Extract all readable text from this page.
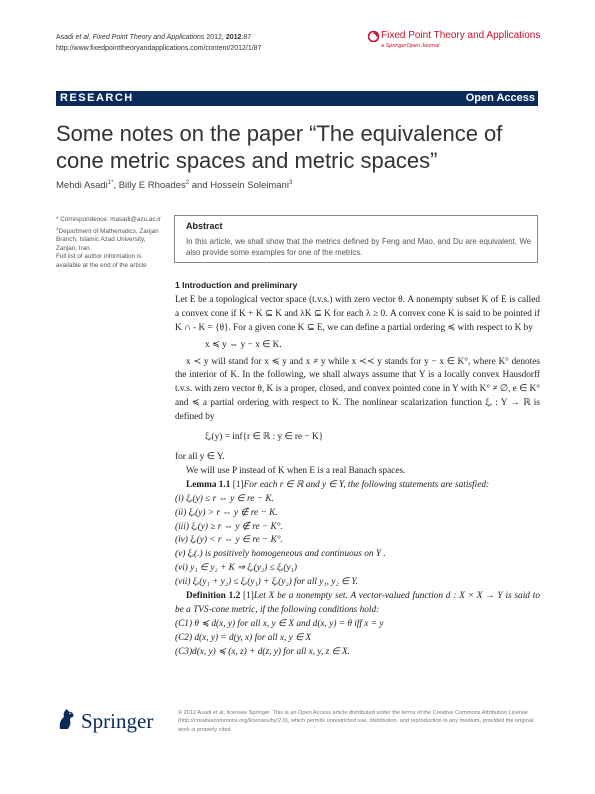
Asadi et al. Fixed Point Theory and Applications 2012, 2012:87
http://www.fixedpointtheoryandapplications.com/content/2012/1/87
Fixed Point Theory and Applications
a SpringerOpen Journal
RESEARCH	Open Access
Some notes on the paper “The equivalence of cone metric spaces and metric spaces”
Mehdi Asadi$^{1*}$, Billy E Rhoades$^2$ and Hossein Soleimani$^3$

* Correspondence: masadi@azu.ac.ir

$^1$Department of Mathematics, Zanjan Branch, Islamic Azad University, Zanjan, Iran

Full list of author information is available at the end of the article

Abstract
In this article, we shall show that the metrics defined by Feng and Mao, and Du are equivalent. We also provide some examples for one of the metrics.
1 Introduction and preliminary

Let E be a topological vector space (t.v.s.) with zero vector θ. A nonempty subset K of E is called a convex cone if K + K ⊆ K and λK ⊆ K for each λ ≥ 0. A convex cone K is said to be pointed if K ∩ - K = {θ}. For a given cone K ⊆ E, we can define a partial ordering ≼ with respect to K by

x ≼ y ⇔ y − x ∈ K.

x ≺ y will stand for x ≼ y and x ≠ y while x ≺≺ y stands for y − x ∈ K°, where K° denotes the interior of K. In the following, we shall always assume that Y is a locally convex Hausdorff t.v.s. with zero vector θ, K is a proper, closed, and convex pointed cone in Y with K° ≠ ∅, e ∈ K° and ≼ a partial ordering with respect to K. The nonlinear scalarization function ξₑ : Y → ℝ is defined by

ξₑ(y) = inf{r ∈ ℝ : y ∈ re − K}

for all y ∈ Y.

We will use P instead of K when E is a real Banach spaces.

Lemma 1.1 [1]For each r ∈ ℝ and y ∈ Y, the following statements are satisfied:

(i) ξₑ(y) ≤ r ⇔ y ∈ re − K.
(ii) ξₑ(y) > r ⇔ y ∉ re − K.
(iii) ξₑ(y) ≥ r ⇔ y ∉ re − K°.
(iv) ξₑ(y) < r ⇔ y ∈ re − K°.
(v) ξₑ(.) is positively homogeneous and continuous on Y .
(vi) y₁ ∈ y₂ + K ⇒ ξₑ(y₂) ≤ ξₑ(y₁)
(vii) ξₑ(y₁ + y₂) ≤ ξₑ(y₁) + ξₑ(y₂) for all y₁, y₂ ∈ Y.

Definition 1.2 [1]Let X be a nonempty set. A vector-valued function d : X × X → Y is said to be a TVS-cone metric, if the following conditions hold:

(C1) θ ≼ d(x, y) for all x, y ∈ X and d(x, y) = θ iff x = y
(C2) d(x, y) = d(y, x) for all x, y ∈ X
(C3)d(x, y) ≼ (x, z) + d(z, y) for all x, y, z ∈ X.
Springer	© 2012 Asadi et al; licensee Springer. This is an Open Access article distributed under the terms of the Creative Commons Attribution License (http://creativecommons.org/licenses/by/2.0), which permits unrestricted use, distribution, and reproduction in any medium, provided the original work is properly cited.
